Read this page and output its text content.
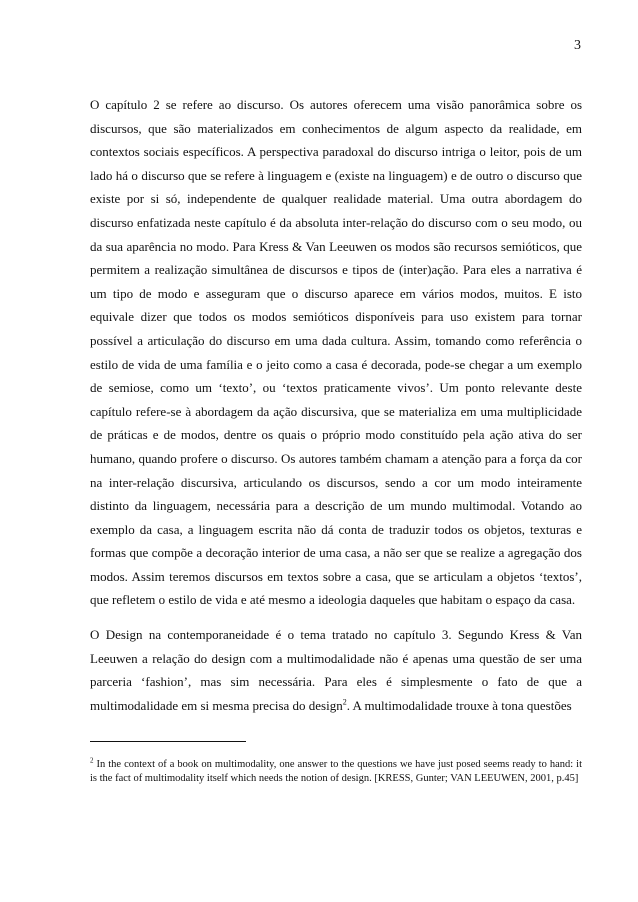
3

O capítulo 2 se refere ao discurso. Os autores oferecem uma visão panorâmica sobre os discursos, que são materializados em conhecimentos de algum aspecto da realidade, em contextos sociais específicos. A perspectiva paradoxal do discurso intriga o leitor, pois de um lado há o discurso que se refere à linguagem e (existe na linguagem) e de outro o discurso que existe por si só, independente de qualquer realidade material. Uma outra abordagem do discurso enfatizada neste capítulo é da absoluta inter-relação do discurso com o seu modo, ou da sua aparência no modo. Para Kress & Van Leeuwen os modos são recursos semióticos, que permitem a realização simultânea de discursos e tipos de (inter)ação. Para eles a narrativa é um tipo de modo e asseguram que o discurso aparece em vários modos, muitos. E isto equivale dizer que todos os modos semióticos disponíveis para uso existem para tornar possível a articulação do discurso em uma dada cultura. Assim, tomando como referência o estilo de vida de uma família e o jeito como a casa é decorada, pode-se chegar a um exemplo de semiose, como um ‘texto’, ou ‘textos praticamente vivos’. Um ponto relevante deste capítulo refere-se à abordagem da ação discursiva, que se materializa em uma multiplicidade de práticas e de modos, dentre os quais o próprio modo constituído pela ação ativa do ser humano, quando profere o discurso. Os autores também chamam a atenção para a força da cor na inter-relação discursiva, articulando os discursos, sendo a cor um modo inteiramente distinto da linguagem, necessária para a descrição de um mundo multimodal. Votando ao exemplo da casa, a linguagem escrita não dá conta de traduzir todos os objetos, texturas e formas que compõe a decoração interior de uma casa, a não ser que se realize a agregação dos modos. Assim teremos discursos em textos sobre a casa, que se articulam a objetos ‘textos’, que refletem o estilo de vida e até mesmo a ideologia daqueles que habitam o espaço da casa.

O Design na contemporaneidade é o tema tratado no capítulo 3. Segundo Kress & Van Leeuwen a relação do design com a multimodalidade não é apenas uma questão de ser uma parceria ‘fashion’, mas sim necessária. Para eles é simplesmente o fato de que a multimodalidade em si mesma precisa do design$^2$. A multimodalidade trouxe à tona questões

$^2$ In the context of a book on multimodality, one answer to the questions we have just posed seems ready to hand: it is the fact of multimodality itself which needs the notion of design. [KRESS, Gunter; VAN LEEUWEN, 2001, p.45]
